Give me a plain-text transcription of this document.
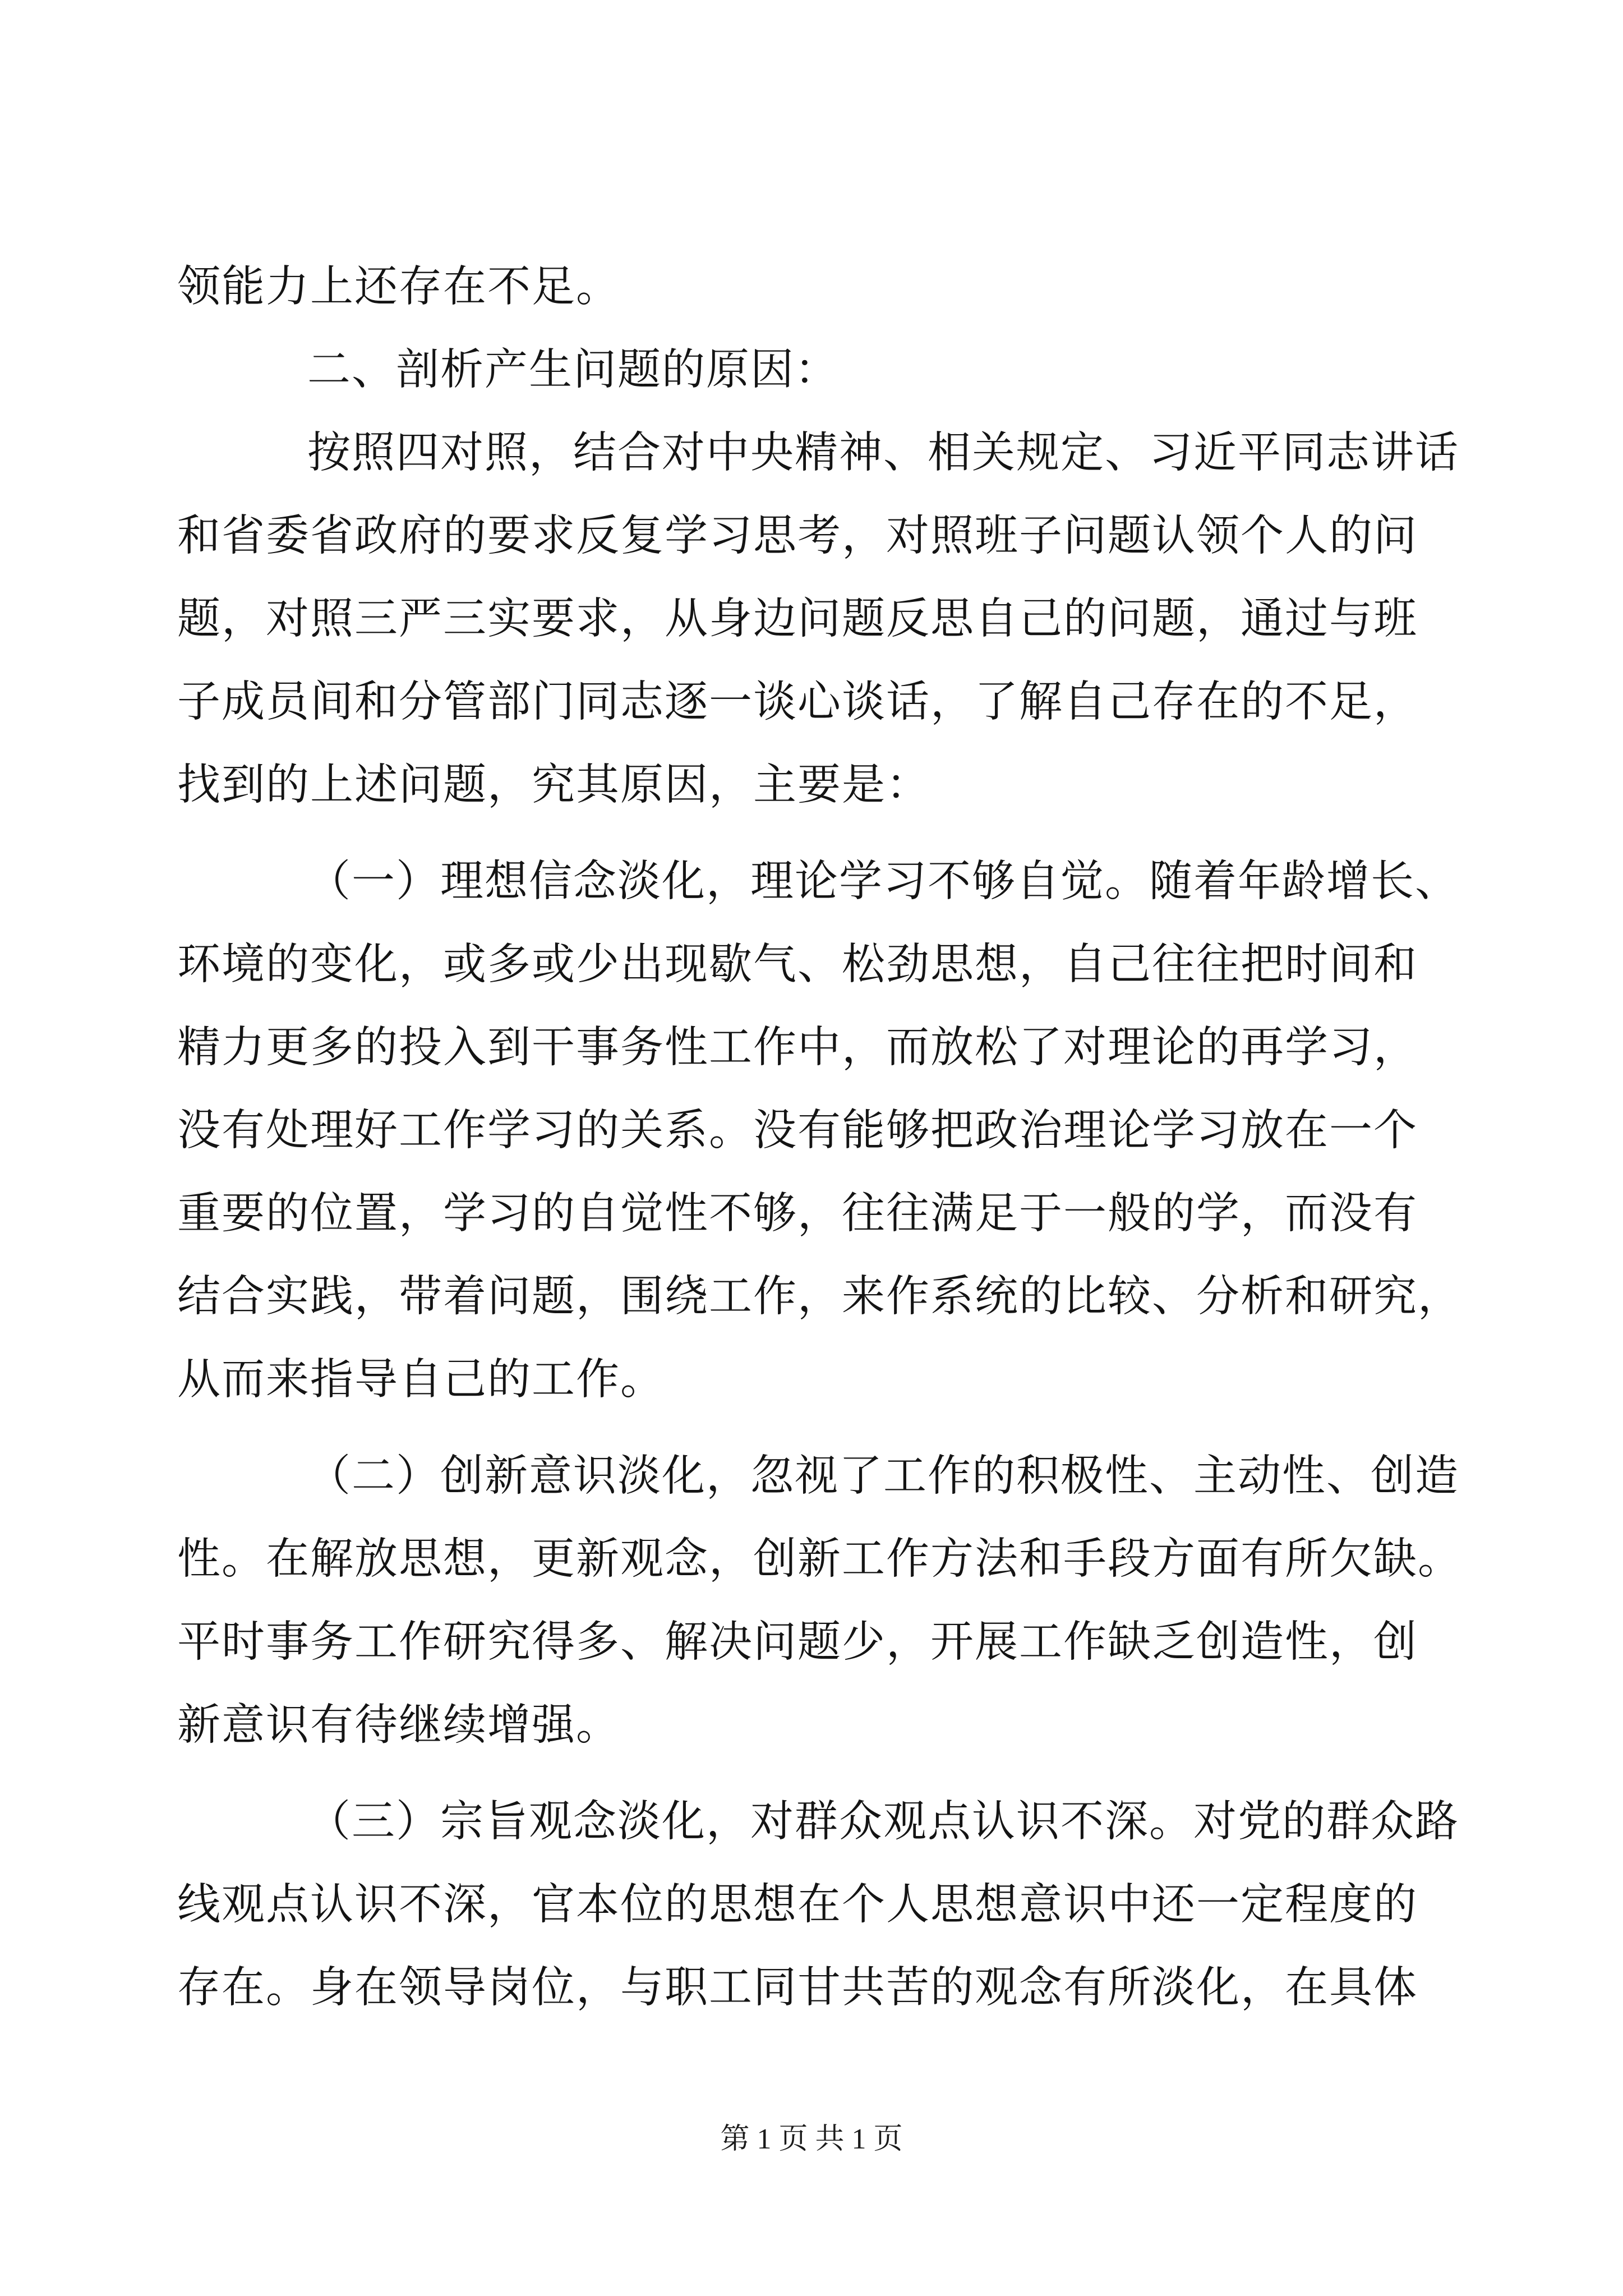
领能力上还存在不足。
二、剖析产生问题的原因：
按照四对照，结合对中央精神、相关规定、习近平同志讲话
和省委省政府的要求反复学习思考，对照班子问题认领个人的问
题，对照三严三实要求，从身边问题反思自己的问题，通过与班
子成员间和分管部门同志逐一谈心谈话，了解自己存在的不足，
找到的上述问题，究其原因，主要是：
（一）理想信念淡化，理论学习不够自觉。随着年龄增长、
环境的变化，或多或少出现歇气、松劲思想，自己往往把时间和
精力更多的投入到干事务性工作中，而放松了对理论的再学习，
没有处理好工作学习的关系。没有能够把政治理论学习放在一个
重要的位置，学习的自觉性不够，往往满足于一般的学，而没有
结合实践，带着问题，围绕工作，来作系统的比较、分析和研究，
从而来指导自己的工作。
（二）创新意识淡化，忽视了工作的积极性、主动性、创造
性。在解放思想，更新观念，创新工作方法和手段方面有所欠缺。
平时事务工作研究得多、解决问题少，开展工作缺乏创造性，创
新意识有待继续增强。
（三）宗旨观念淡化，对群众观点认识不深。对党的群众路
线观点认识不深，官本位的思想在个人思想意识中还一定程度的
存在。身在领导岗位，与职工同甘共苦的观念有所淡化，在具体
第 1 页 共 1 页
